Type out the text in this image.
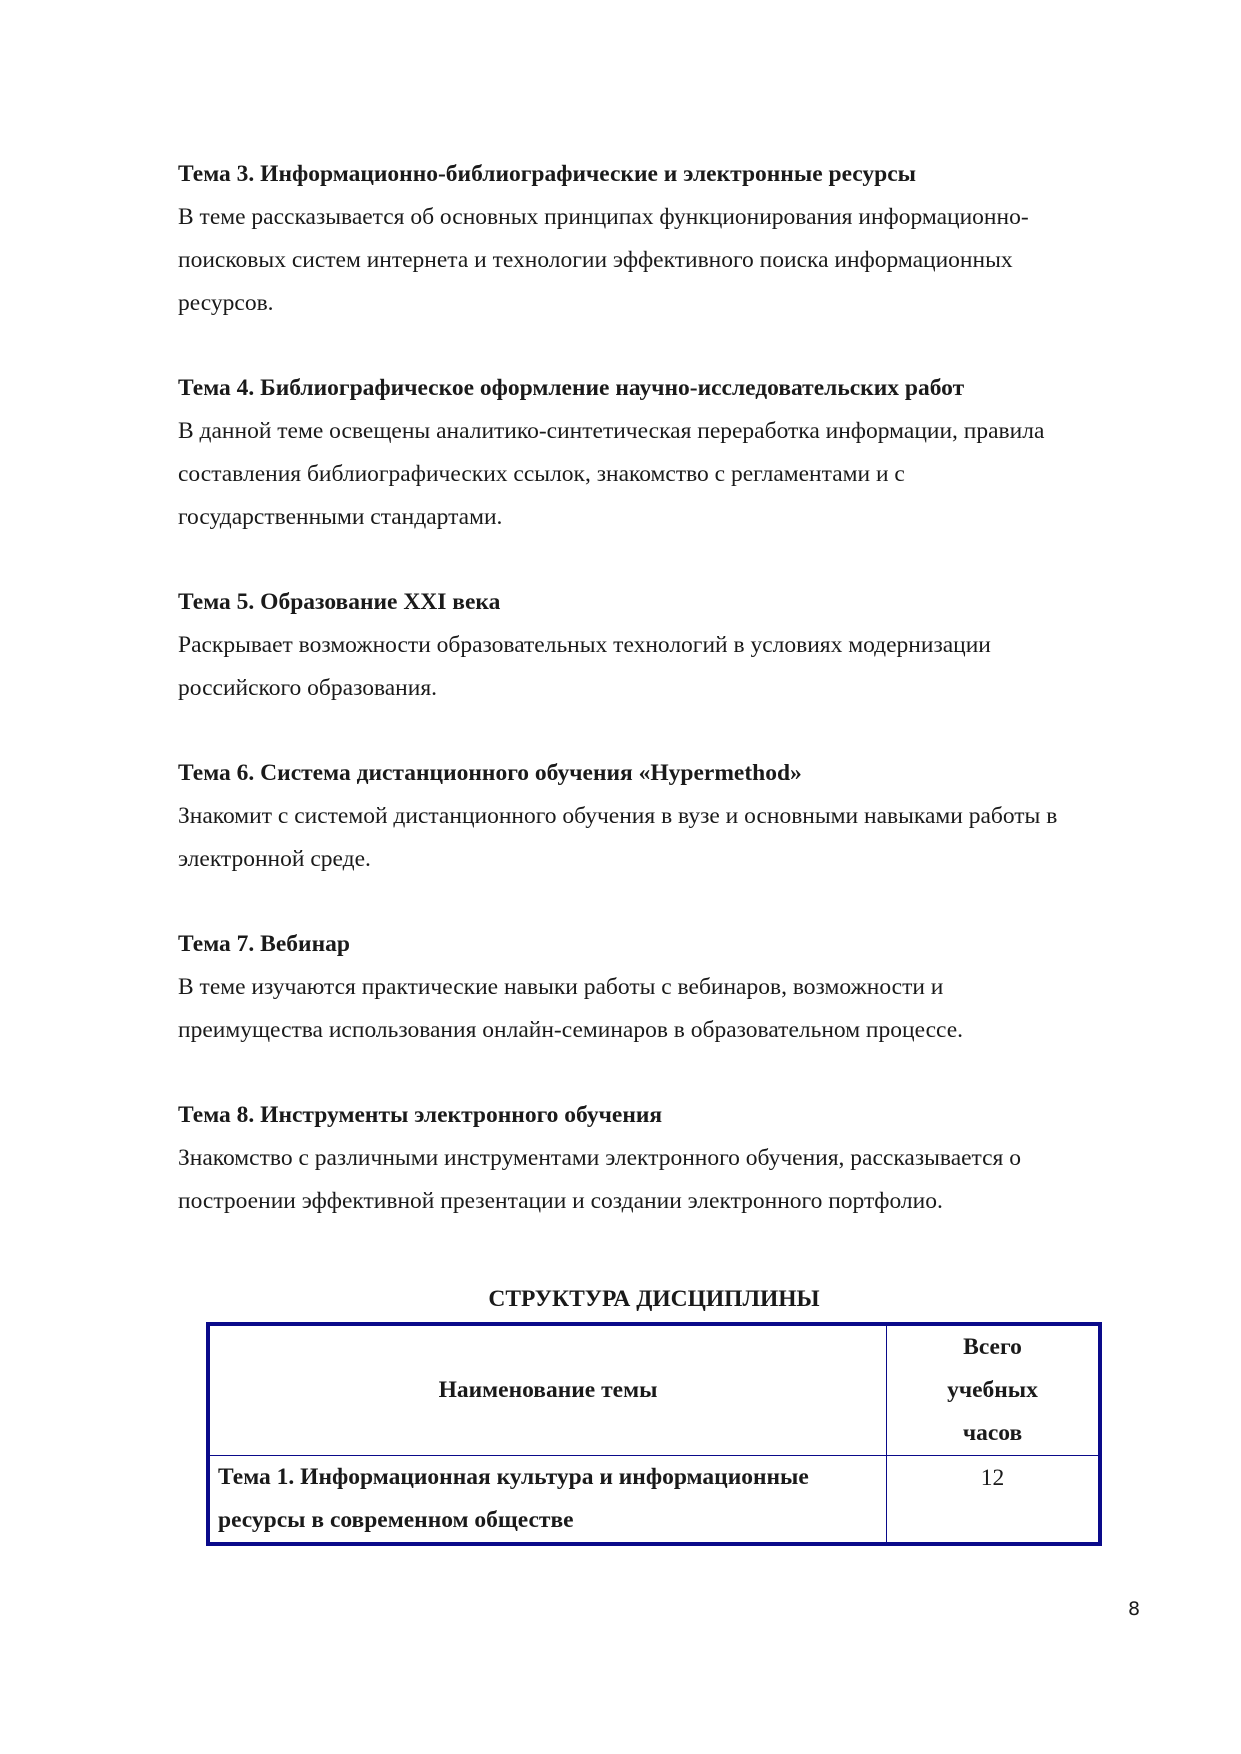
Тема 3. Информационно-библиографические и электронные ресурсы

В теме рассказывается об основных принципах функционирования информационно-
поисковых систем интернета и технологии эффективного поиска информационных
ресурсов.

Тема 4. Библиографическое оформление научно-исследовательских работ

В данной теме освещены аналитико-синтетическая переработка информации, правила
составления библиографических ссылок, знакомство с регламентами и с
государственными стандартами.

Тема 5. Образование XXI века

Раскрывает возможности образовательных технологий в условиях модернизации
российского образования.

Тема 6. Система дистанционного обучения «Hypermethod»

Знакомит с системой дистанционного обучения в вузе и основными навыками работы в
электронной среде.

Тема 7. Вебинар

В теме изучаются практические навыки работы с вебинаров, возможности и
преимущества использования онлайн-семинаров в образовательном процессе.

Тема 8. Инструменты электронного обучения

Знакомство с различными инструментами электронного обучения, рассказывается о
построении эффективной презентации и создании электронного портфолио.

СТРУКТУРА ДИСЦИПЛИНЫ
Наименование темы	Всего
учебных
часов
Тема 1. Информационная культура и информационные
ресурсы в современном обществе	12
8
